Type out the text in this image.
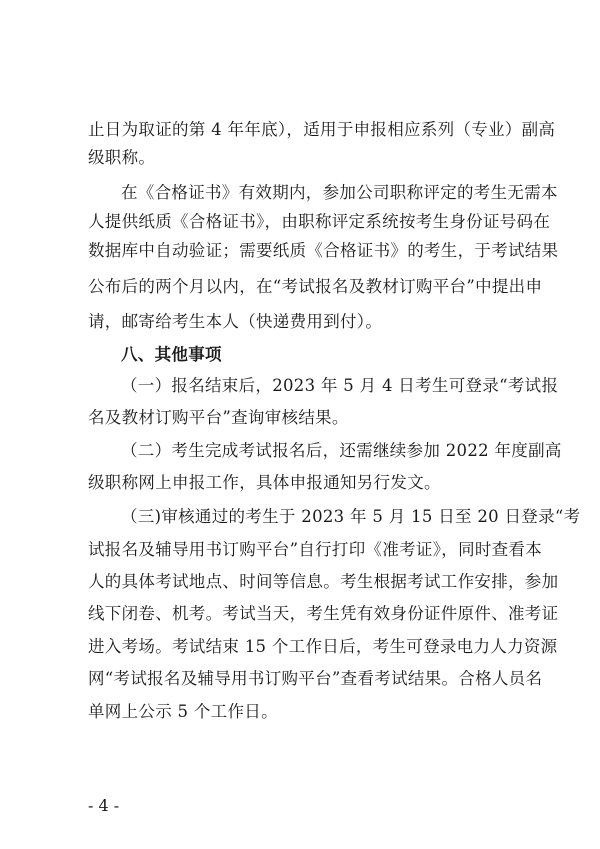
止日为取证的第 4 年年底），适用于申报相应系列（专业）副高
级职称。
在《合格证书》有效期内，参加公司职称评定的考生无需本
人提供纸质《合格证书》，由职称评定系统按考生身份证号码在
数据库中自动验证；需要纸质《合格证书》的考生，于考试结果
公布后的两个月以内，在“考试报名及教材订购平台”中提出申
请，邮寄给考生本人（快递费用到付）。
八、其他事项
（一）报名结束后，2023 年 5 月 4 日考生可登录“考试报
名及教材订购平台”查询审核结果。
（二）考生完成考试报名后，还需继续参加 2022 年度副高
级职称网上申报工作，具体申报通知另行发文。
（三)审核通过的考生于 2023 年 5 月 15 日至 20 日登录“考
试报名及辅导用书订购平台”自行打印《准考证》，同时查看本
人的具体考试地点、时间等信息。考生根据考试工作安排，参加
线下闭卷、机考。考试当天，考生凭有效身份证件原件、准考证
进入考场。考试结束 15 个工作日后，考生可登录电力人力资源
网“考试报名及辅导用书订购平台”查看考试结果。合格人员名
单网上公示 5 个工作日。
- 4 -
